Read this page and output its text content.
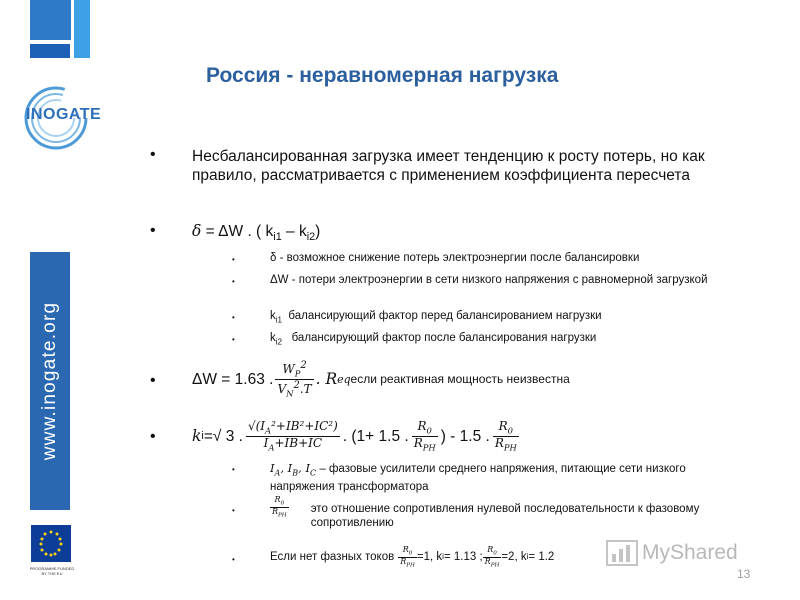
INOGATE
www.inogate.org
PROGRAMME FUNDED BY THE EU
Россия - неравномерная нагрузка
• Несбалансированная загрузка имеет тенденцию к росту потерь, но как правило, рассматривается с применением коэффициента пересчета
• δ = ΔW . ( $k_{i1} - k_{i2}$)
•	δ - возможное снижение потерь электроэнергии после балансировки
•	ΔW - потери электроэнергии в сети низкого напряжения с равномерной загрузкой
•	$k_{i1}$ балансирующий фактор перед балансированием нагрузки
•	$k_{i2}$ балансирующий фактор после балансирования нагрузки
• ΔW = 1.63 . $\frac{W_P^2}{V_N^2.T}$ . R eq если реактивная мощность неизвестна
• k i =√ 3 . $\frac{√(I_A^2+IB^2+IC^2)}{I_A+IB+IC}$ . (1+ 1.5 . $\frac{R_0}{R_{PH}}$ ) - 1.5 . $\frac{R_0}{R_{PH}}$
•	$I_A$, $I_B$, $I_C$ – фазовые усилители среднего напряжения, питающие сети низкого напряжения трансформатора
•	$\frac{R_0}{R_{PH}}$ это отношение сопротивления нулевой последовательности к фазовому сопротивлению
•	Если нет фазных токов $\frac{R_0}{R_{PH}} =1$, k i = 1.13 ; $\frac{R_0}{R_{PH}} =2$, k i = 1.2	MyShared
13
